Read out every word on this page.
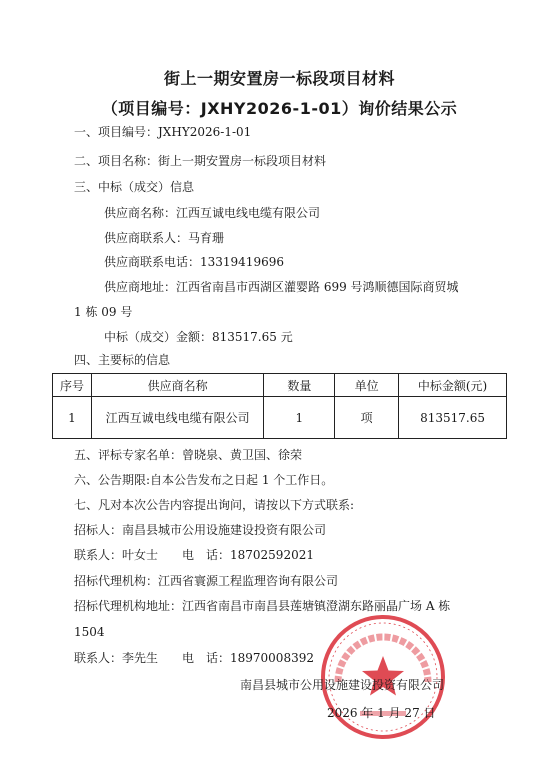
街上一期安置房一标段项目材料
（项目编号：JXHY2026-1-01）询价结果公示
一、项目编号：JXHY2026-1-01
二、项目名称：街上一期安置房一标段项目材料
三、中标（成交）信息
供应商名称：江西互诚电线电缆有限公司
供应商联系人：马育珊
供应商联系电话：13319419696
供应商地址：江西省南昌市西湖区灌婴路 699 号鸿顺德国际商贸城
1 栋 09 号
中标（成交）金额：813517.65 元
四、主要标的信息
序号	供应商名称	数量	单位	中标金额(元)
1	江西互诚电线电缆有限公司	1	项	813517.65
五、评标专家名单：曾晓泉、黄卫国、徐荣
六、公告期限:自本公告发布之日起 1 个工作日。
七、凡对本次公告内容提出询问，请按以下方式联系:
招标人：南昌县城市公用设施建设投资有限公司
联系人：叶女士　　电　话：18702592021
招标代理机构：江西省寰源工程监理咨询有限公司
招标代理机构地址：江西省南昌市南昌县莲塘镇澄湖东路丽晶广场 A 栋
1504
联系人：李先生　　电　话：18970008392
南昌县城市公用设施建设投资有限公司
2026 年 1 月 27 日
